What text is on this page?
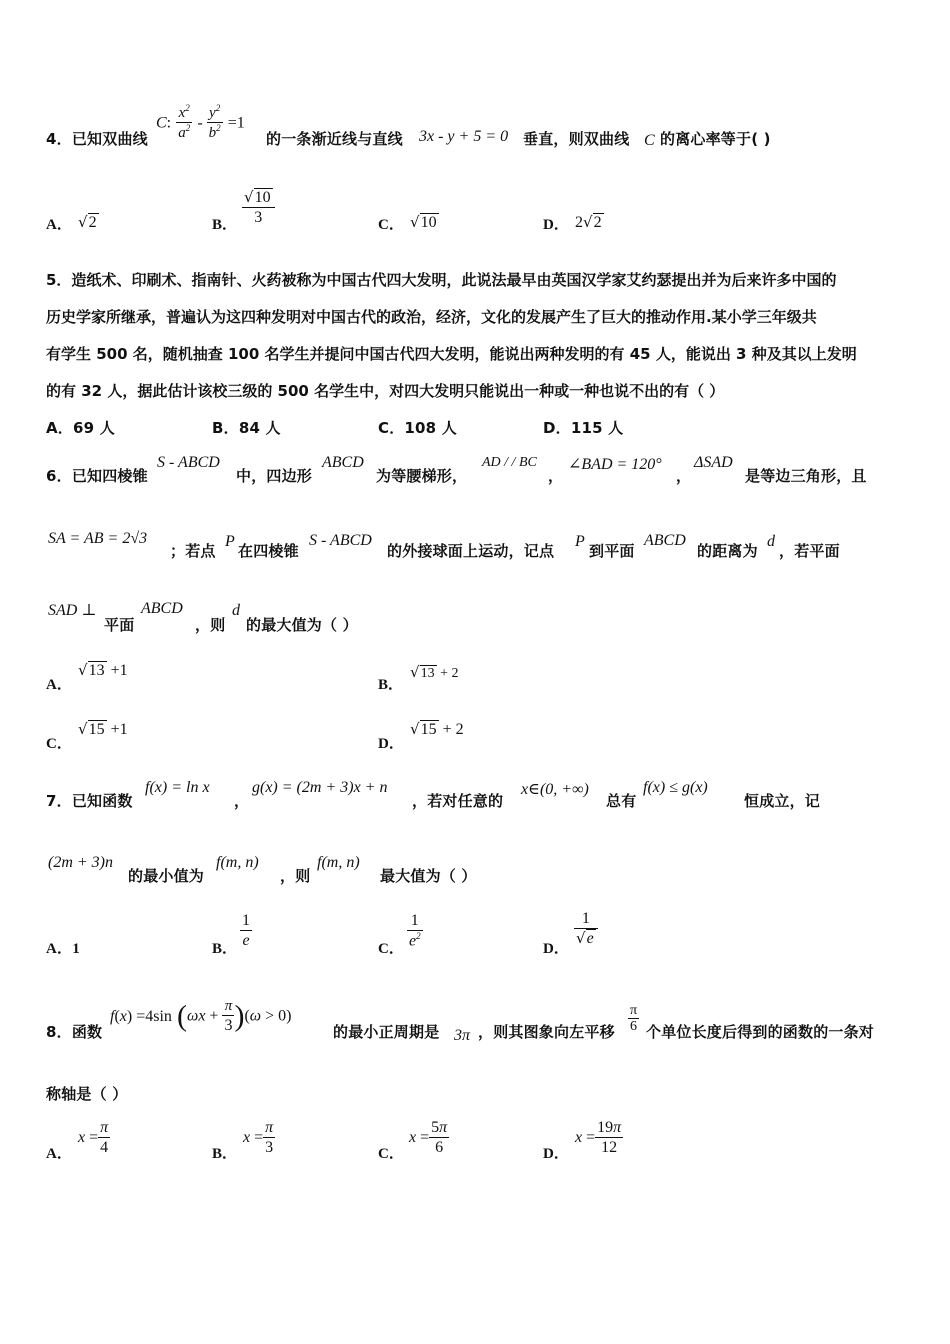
4．已知双曲线
C: $\frac{x^2}{a^2} - \frac{y^2}{b^2} =1$
的一条渐近线与直线 3x - y + 5 = 0 垂直，则双曲线 C 的离心率等于( )
A． √2	B． $\frac{√10}{3}$	C． √10	D． 2√2
5．造纸术、印刷术、指南针、火药被称为中国古代四大发明，此说法最早由英国汉学家艾约瑟提出并为后来许多中国的
历史学家所继承，普遍认为这四种发明对中国古代的政治，经济，文化的发展产生了巨大的推动作用.某小学三年级共
有学生 500 名，随机抽查 100 名学生并提问中国古代四大发明，能说出两种发明的有 45 人，能说出 3 种及其以上发明
的有 32 人，据此估计该校三级的 500 名学生中，对四大发明只能说出一种或一种也说不出的有（ ）
A．69 人	B．84 人	C．108 人	D．115 人
6．已知四棱锥
S - ABCD
中，四边形
ABCD
为等腰梯形，
AD / / BC
，
∠BAD = 120°
，
ΔSAD
是等边三角形，且
SA = AB = 2√3
；若点
P
在四棱锥
S - ABCD
的外接球面上运动，记点
P
到平面
ABCD
的距离为
d
，若平面
SAD ⊥
平面
ABCD
，则
d
的最大值为（ ）
A．
√13 +1
B．
√13 + 2
C．
√15 +1
D．
√15 + 2
7．已知函数
f(x) = ln x
，
g(x) = (2m + 3)x + n
，若对任意的
x∈(0, +∞)
总有
f(x) ≤ g(x)
恒成立，记
(2m + 3)n
的最小值为
f(m, n)
，则
f(m, n)
最大值为（ ）
A．1	B． $\frac{1}{e}$	C． $\frac{1}{e^2}$	D．
$\frac{1}{√e}$
8．函数
f(x) =4sin $(\omega x + \frac{\pi}{3} )(\omega > 0)$
的最小正周期是 3π ，则其图象向左平移 $\frac{\pi}{6}$ 个单位长度后得到的函数的一条对
称轴是（ ）
A．
$x = \frac{\pi}{4}$	B．
$x = \frac{\pi}{3}$	C．
$x = \frac{5\pi}{6}$	D．
$x = \frac{19\pi}{12}$
